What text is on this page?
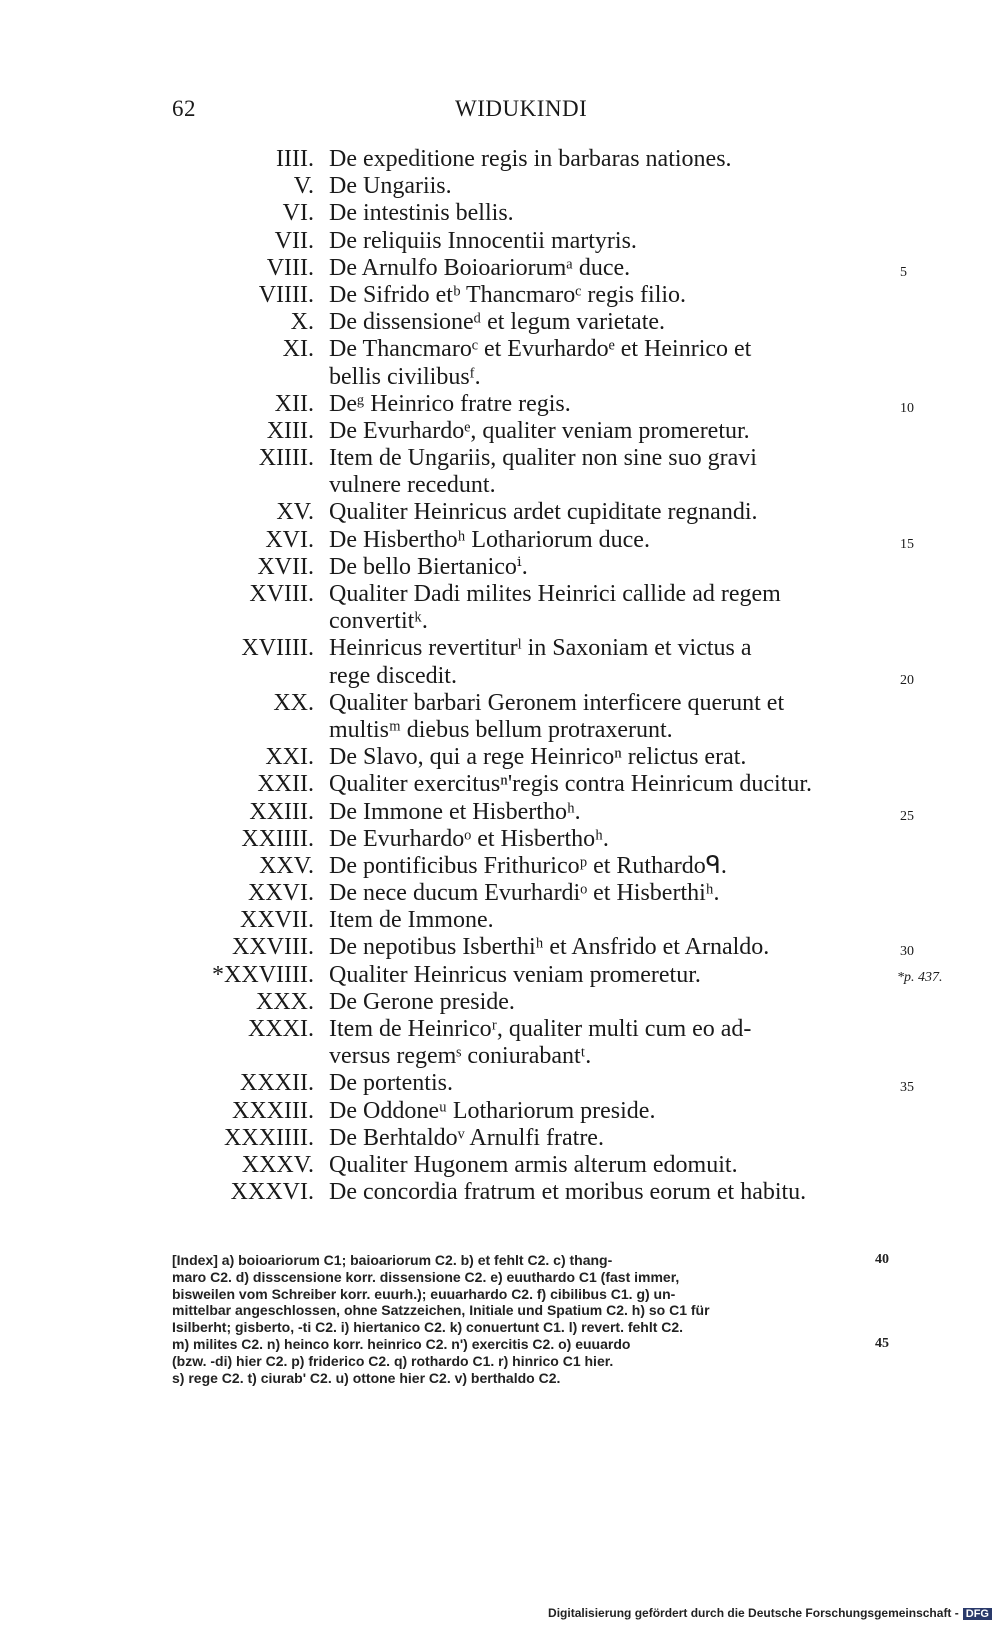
62	WIDUKINDI
IIII. De expeditione regis in barbaras nationes.
V. De Ungariis.
VI. De intestinis bellis.
VII. De reliquiis Innocentii martyris.
VIII. De Arnulfo Boioariorumᵃ duce.	5
VIIII. De Sifrido etᵇ Thancmaroᶜ regis filio.
X. De dissensioneᵈ et legum varietate.
XI. De Thancmaroᶜ et Evurhardoᵉ et Heinrico et
bellis civilibusᶠ.
XII. Deᵍ Heinrico fratre regis.	10
XIII. De Evurhardoᵉ, qualiter veniam promeretur.
XIIII. Item de Ungariis, qualiter non sine suo gravi
vulnere recedunt.
XV. Qualiter Heinricus ardet cupiditate regnandi.
XVI. De Hisberthoʰ Lothariorum duce.	15
XVII. De bello Biertanicoⁱ.
XVIII. Qualiter Dadi milites Heinrici callide ad regem
convertitᵏ.
XVIIII. Heinricus revertiturˡ in Saxoniam et victus a
rege discedit.	20
XX. Qualiter barbari Geronem interficere querunt et
multisᵐ diebus bellum protraxerunt.
XXI. De Slavo, qui a rege Heinricoⁿ relictus erat.
XXII. Qualiter exercitusⁿ'regis contra Heinricum ducitur.
XXIII. De Immone et Hisberthoʰ.	25
XXIIII. De Evurhardoᵒ et Hisberthoʰ.
XXV. De pontificibus Frithuricoᵖ et Ruthardoᑫ.
XXVI. De nece ducum Evurhardiᵒ et Hisberthiʰ.
XXVII. Item de Immone.
XXVIII. De nepotibus Isberthiʰ et Ansfrido et Arnaldo.	30
*XXVIIII. Qualiter Heinricus veniam promeretur.	*p. 437.
XXX. De Gerone preside.
XXXI. Item de Heinricoʳ, qualiter multi cum eo ad-
versus regemˢ coniurabantᵗ.
XXXII. De portentis.	35
XXXIII. De Oddoneᵘ Lothariorum preside.
XXXIIII. De Berhtaldoᵛ Arnulfi fratre.
XXXV. Qualiter Hugonem armis alterum edomuit.
XXXVI. De concordia fratrum et moribus eorum et habitu.
[Index] a) boioariorum C1; baioariorum C2. b) et fehlt C2. c) thang-	40
maro C2. d) disscensione korr. dissensione C2. e) euuthardo C1 (fast immer,
bisweilen vom Schreiber korr. euurh.); euuarhardo C2. f) cibilibus C1. g) un-
mittelbar angeschlossen, ohne Satzzeichen, Initiale und Spatium C2. h) so C1 für
Isilberht; gisberto, -ti C2. i) hiertanico C2. k) conuertunt C1. l) revert. fehlt C2.
m) milites C2. n) heinco korr. heinrico C2. n') exercitis C2. o) euuardo	45
(bzw. -di) hier C2. p) friderico C2. q) rothardo C1. r) hinrico C1 hier.
s) rege C2. t) ciurab' C2. u) ottone hier C2. v) berthaldo C2.
Digitalisierung gefördert durch die Deutsche Forschungsgemeinschaft - DFG
